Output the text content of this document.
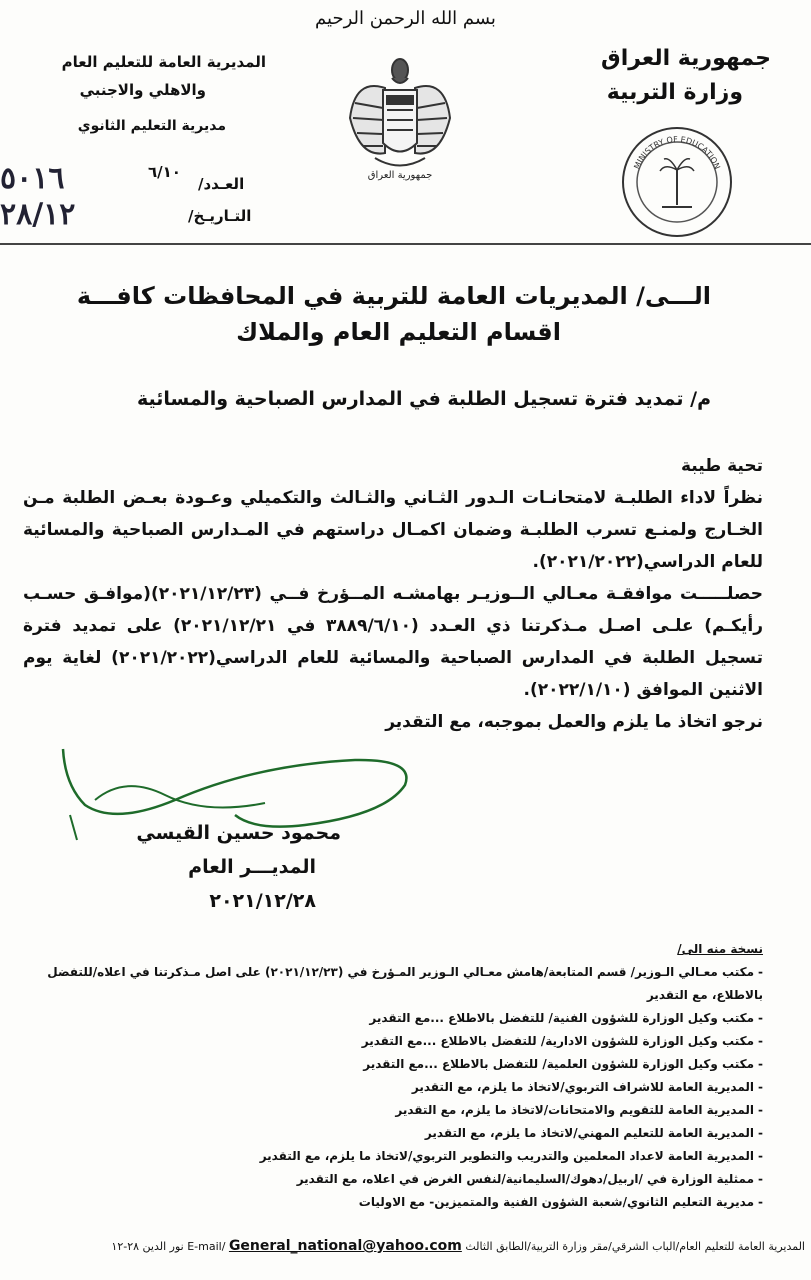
بسم الله الرحمن الرحيم
المديرية العامة للتعليم العام
والاهلي والاجنبي
مديرية التعليم الثانوي
جمهورية العراق
جمهورية العراق
وزارة التربية
MINISTRY OF EDUCATION
٥٠١٦	العـدد/
٦/١٠
٢٨/١٢	التـاريـخ/
الـــى/ المديريات العامة للتربية في المحافظات كافـــة
اقسام التعليم العام والملاك
م/ تمديد فترة تسجيل الطلبة في المدارس الصباحية والمسائية

تحية طيبة

نظراً لاداء الطلبـة لامتحانـات الـدور الثـاني والثـالث والتكميلي وعـودة بعـض الطلبة مـن الخـارج ولمنـع تسرب الطلبـة وضمان اكمـال دراستهم في المـدارس الصباحية والمسائية للعام الدراسي(٢٠٢١/٢٠٢٢).

حصلـــــت موافقـة معـالي الــوزيـر بهامشـه المــؤرخ فــي (٢٠٢١/١٢/٢٣)(موافـق حسـب رأيكـم) علـى اصـل مـذكرتنا ذي العـدد (٣٨٨٩/٦/١٠ في ٢٠٢١/١٢/٢١) على تمديد فترة تسجيل الطلبة في المدارس الصباحية والمسائية للعام الدراسي(٢٠٢١/٢٠٢٢) لغاية يوم الاثنين الموافق (٢٠٢٢/١/١٠).

نرجو اتخاذ ما يلزم والعمل بموجبه، مع التقدير

محمود حسين القيسي
المديـــر العام
٢٠٢١/١٢/٢٨
نسخة منه الى/
-مكتب معـالي الـوزير/ قسم المتابعة/هامش معـالي الـوزير المـؤرخ في (٢٠٢١/١٢/٢٣) على اصل مـذكرتنا في اعلاه/للتفضل بالاطلاع، مع التقدير
-مكتب وكيل الوزارة للشؤون الفنية/ للتفضل بالاطلاع ...مع التقدير
-مكتب وكيل الوزارة للشؤون الادارية/ للتفضل بالاطلاع ...مع التقدير
-مكتب وكيل الوزارة للشؤون العلمية/ للتفضل بالاطلاع ...مع التقدير
-المديرية العامة للاشراف التربوي/لاتخاذ ما يلزم، مع التقدير
-المديرية العامة للتقويم والامتحانات/لاتخاذ ما يلزم، مع التقدير
-المديرية العامة للتعليم المهني/لاتخاذ ما يلزم، مع التقدير
-المديرية العامة لاعداد المعلمين والتدريب والتطوير التربوي/لاتخاذ ما يلزم، مع التقدير
-ممثلية الوزارة في /اربيل/دهوك/السليمانية/لنفس الغرض في اعلاه، مع التقدير
-مديرية التعليم الثانوي/شعبة الشؤون الفنية والمتميزين- مع الاوليات
المديرية العامة للتعليم العام/الباب الشرقي/مقر وزارة التربية/الطابق الثالث E-mail/ General_national@yahoo.com نور الدين ٢٨-١٢
